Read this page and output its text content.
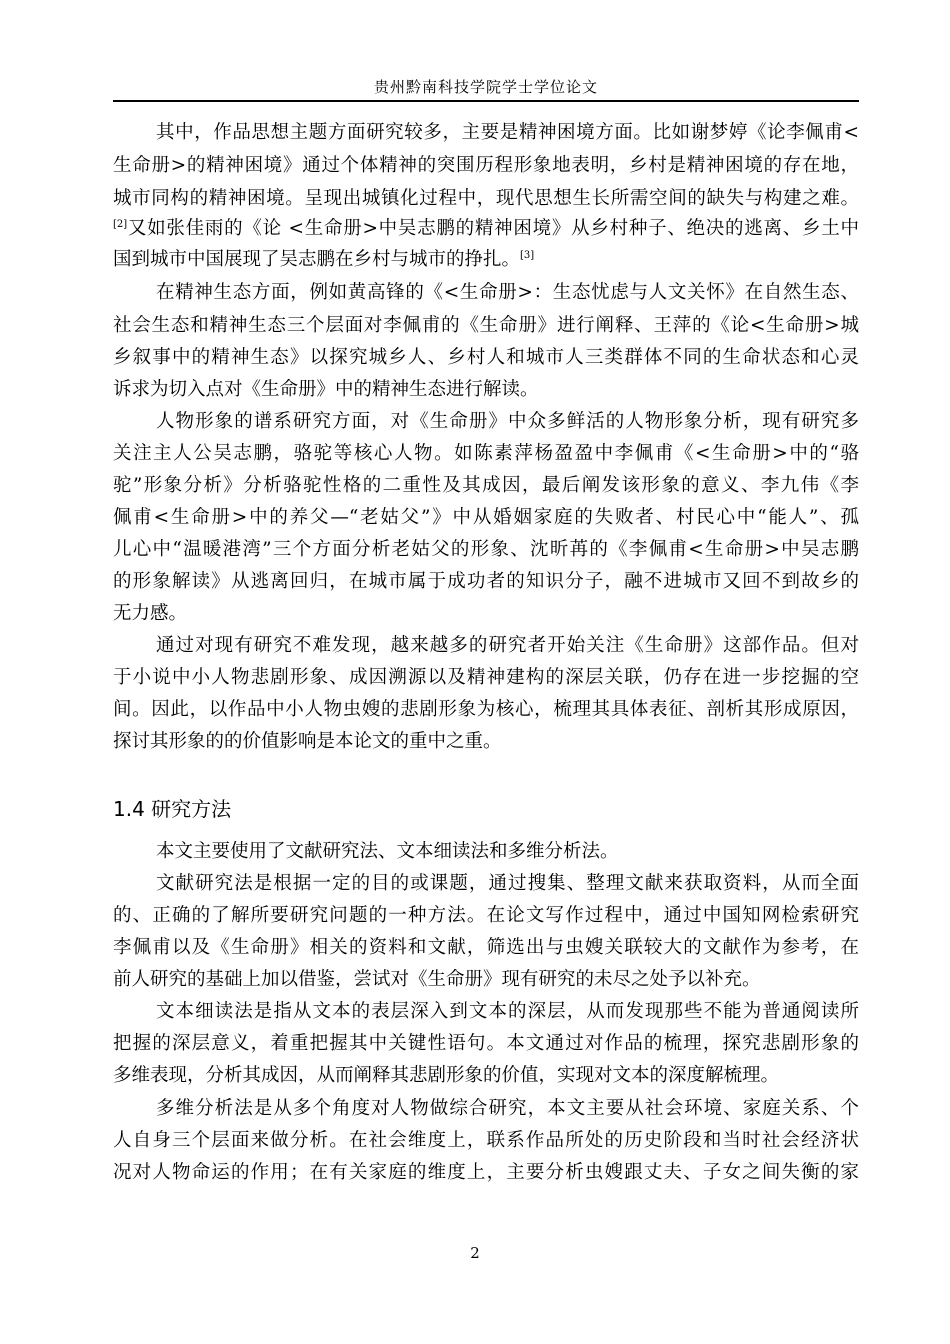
贵州黔南科技学院学士学位论文
其中，作品思想主题方面研究较多，主要是精神困境方面。比如谢梦婷《论李佩甫<
生命册>的精神困境》通过个体精神的突围历程形象地表明，乡村是精神困境的存在地，
城市同构的精神困境。呈现出城镇化过程中，现代思想生长所需空间的缺失与构建之难。
[2]又如张佳雨的《论 <生命册>中吴志鹏的精神困境》从乡村种子、绝决的逃离、乡土中
国到城市中国展现了吴志鹏在乡村与城市的挣扎。[3]
在精神生态方面，例如黄高锋的《<生命册>：生态忧虑与人文关怀》在自然生态、
社会生态和精神生态三个层面对李佩甫的《生命册》进行阐释、王萍的《论<生命册>城
乡叙事中的精神生态》以探究城乡人、乡村人和城市人三类群体不同的生命状态和心灵
诉求为切入点对《生命册》中的精神生态进行解读。
人物形象的谱系研究方面，对《生命册》中众多鲜活的人物形象分析，现有研究多
关注主人公吴志鹏，骆驼等核心人物。如陈素萍杨盈盈中李佩甫《<生命册>中的“骆
驼”形象分析》分析骆驼性格的二重性及其成因，最后阐发该形象的意义、李九伟《李
佩甫<生命册>中的养父—“老姑父”》中从婚姻家庭的失败者、村民心中“能人”、孤
儿心中“温暖港湾”三个方面分析老姑父的形象、沈昕苒的《李佩甫<生命册>中吴志鹏
的形象解读》从逃离回归，在城市属于成功者的知识分子，融不进城市又回不到故乡的
无力感。
通过对现有研究不难发现，越来越多的研究者开始关注《生命册》这部作品。但对
于小说中小人物悲剧形象、成因溯源以及精神建构的深层关联，仍存在进一步挖掘的空
间。因此，以作品中小人物虫嫂的悲剧形象为核心，梳理其具体表征、剖析其形成原因，
探讨其形象的的价值影响是本论文的重中之重。
1.4 研究方法
本文主要使用了文献研究法、文本细读法和多维分析法。
文献研究法是根据一定的目的或课题，通过搜集、整理文献来获取资料，从而全面
的、正确的了解所要研究问题的一种方法。在论文写作过程中，通过中国知网检索研究
李佩甫以及《生命册》相关的资料和文献，筛选出与虫嫂关联较大的文献作为参考，在
前人研究的基础上加以借鉴，尝试对《生命册》现有研究的未尽之处予以补充。
文本细读法是指从文本的表层深入到文本的深层，从而发现那些不能为普通阅读所
把握的深层意义，着重把握其中关键性语句。本文通过对作品的梳理，探究悲剧形象的
多维表现，分析其成因，从而阐释其悲剧形象的价值，实现对文本的深度解梳理。
多维分析法是从多个角度对人物做综合研究，本文主要从社会环境、家庭关系、个
人自身三个层面来做分析。在社会维度上，联系作品所处的历史阶段和当时社会经济状
况对人物命运的作用；在有关家庭的维度上，主要分析虫嫂跟丈夫、子女之间失衡的家
2
